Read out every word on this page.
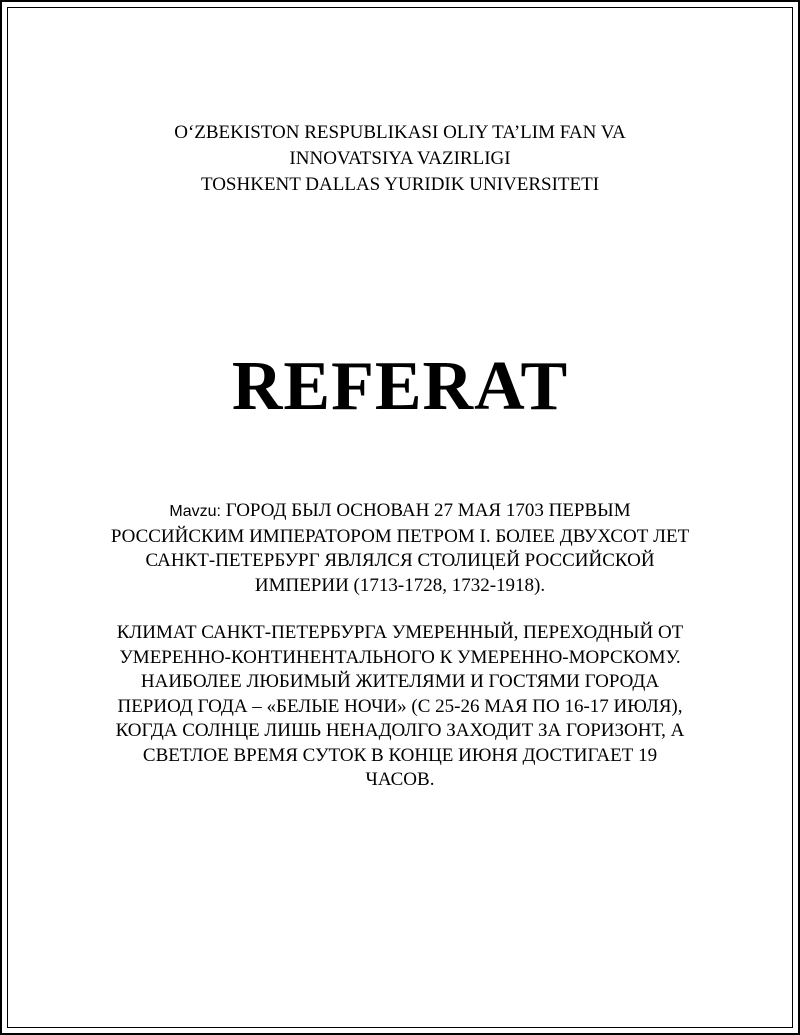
O‘ZBEKISTON RESPUBLIKASI OLIY TA’LIM FAN VA
INNOVATSIYA VAZIRLIGI
TOSHKENT DALLAS YURIDIK UNIVERSITETI
REFERAT
Mavzu: ГОРОД БЫЛ ОСНОВАН 27 МАЯ 1703 ПЕРВЫМ
РОССИЙСКИМ ИМПЕРАТОРОМ ПЕТРОМ I. БОЛЕЕ ДВУХСОТ ЛЕТ
САНКТ-ПЕТЕРБУРГ ЯВЛЯЛСЯ СТОЛИЦЕЙ РОССИЙСКОЙ
ИМПЕРИИ (1713-1728, 1732-1918).
КЛИМАТ САНКТ-ПЕТЕРБУРГА УМЕРЕННЫЙ, ПЕРЕХОДНЫЙ ОТ
УМЕРЕННО-КОНТИНЕНТАЛЬНОГО К УМЕРЕННО-МОРСКОМУ.
НАИБОЛЕЕ ЛЮБИМЫЙ ЖИТЕЛЯМИ И ГОСТЯМИ ГОРОДА
ПЕРИОД ГОДА – «БЕЛЫЕ НОЧИ» (С 25-26 МАЯ ПО 16-17 ИЮЛЯ),
КОГДА СОЛНЦЕ ЛИШЬ НЕНАДОЛГО ЗАХОДИТ ЗА ГОРИЗОНТ, А
СВЕТЛОЕ ВРЕМЯ СУТОК В КОНЦЕ ИЮНЯ ДОСТИГАЕТ 19
ЧАСОВ.
